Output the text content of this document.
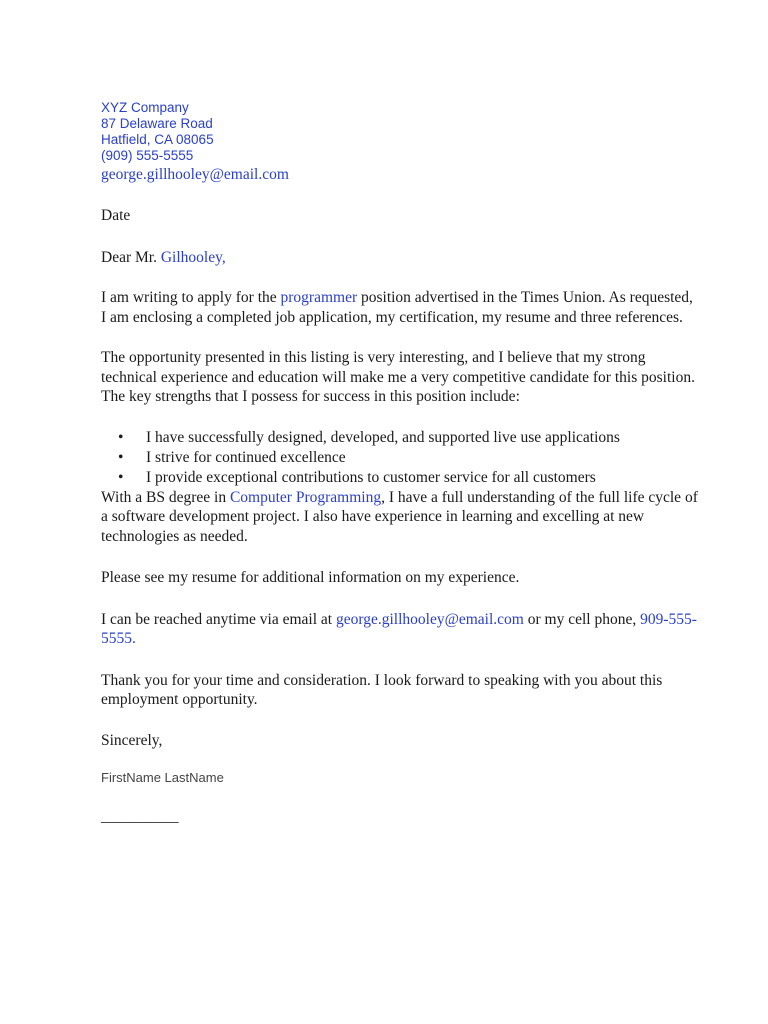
XYZ Company
87 Delaware Road
Hatfield, CA 08065
(909) 555-5555
george.gillhooley@email.com

Date

Dear Mr. Gilhooley,

I am writing to apply for the programmer position advertised in the Times Union. As requested, I am enclosing a completed job application, my certification, my resume and three references.

The opportunity presented in this listing is very interesting, and I believe that my strong technical experience and education will make me a very competitive candidate for this position. The key strengths that I possess for success in this position include:

• I have successfully designed, developed, and supported live use applications
• I strive for continued excellence
• I provide exceptional contributions to customer service for all customers

With a BS degree in Computer Programming, I have a full understanding of the full life cycle of a software development project. I also have experience in learning and excelling at new technologies as needed.

Please see my resume for additional information on my experience.

I can be reached anytime via email at george.gillhooley@email.com or my cell phone, 909-555-5555.

Thank you for your time and consideration. I look forward to speaking with you about this employment opportunity.

Sincerely,

FirstName LastName

__________
